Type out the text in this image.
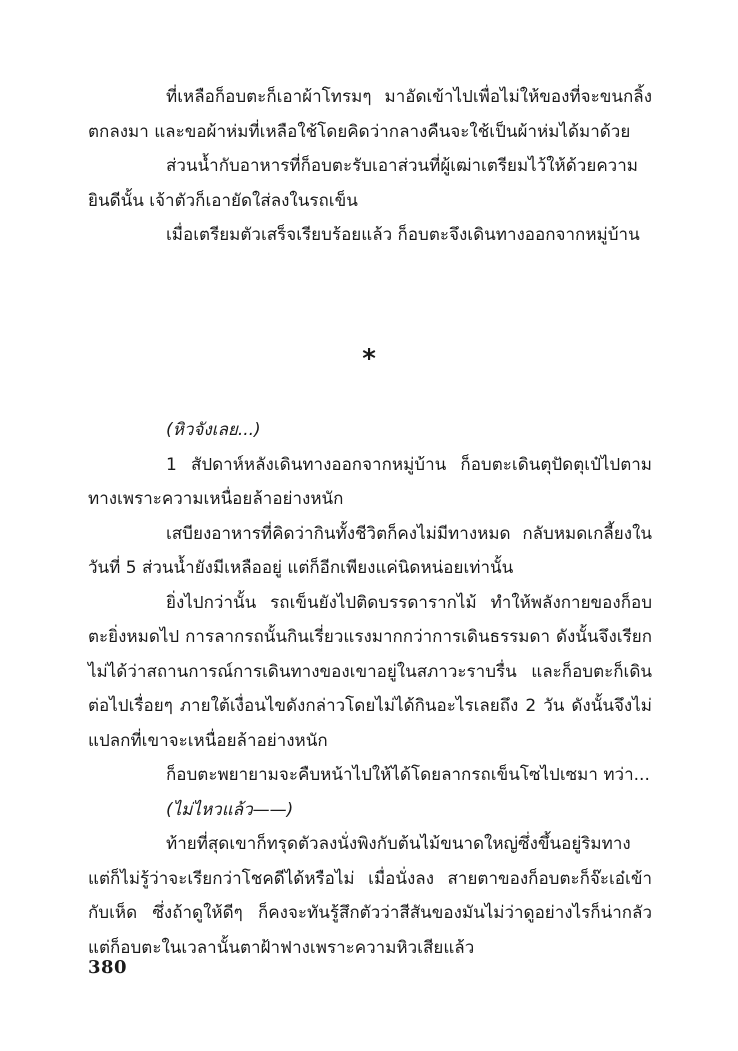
ที่เหลือก็อบตะก็เอาผ้าโทรมๆ มาอัดเข้าไปเพื่อไม่ให้ของที่จะขนกลิ้งตกลงมา และขอผ้าห่มที่เหลือใช้โดยคิดว่ากลางคืนจะใช้เป็นผ้าห่มได้มาด้วย

ส่วนน้ำกับอาหารที่ก็อบตะรับเอาส่วนที่ผู้เฒ่าเตรียมไว้ให้ด้วยความยินดีนั้น เจ้าตัวก็เอายัดใส่ลงในรถเข็น

เมื่อเตรียมตัวเสร็จเรียบร้อยแล้ว ก็อบตะจึงเดินทางออกจากหมู่บ้าน

*

(หิวจังเลย...)

1 สัปดาห์หลังเดินทางออกจากหมู่บ้าน ก็อบตะเดินตุปัดตุเป๋ไปตามทางเพราะความเหนื่อยล้าอย่างหนัก

เสบียงอาหารที่คิดว่ากินทั้งชีวิตก็คงไม่มีทางหมด กลับหมดเกลี้ยงในวันที่ 5 ส่วนน้ำยังมีเหลืออยู่ แต่ก็อีกเพียงแค่นิดหน่อยเท่านั้น

ยิ่งไปกว่านั้น รถเข็นยังไปติดบรรดารากไม้ ทำให้พลังกายของก็อบตะยิ่งหมดไป การลากรถนั้นกินเรี่ยวแรงมากกว่าการเดินธรรมดา ดังนั้นจึงเรียกไม่ได้ว่าสถานการณ์การเดินทางของเขาอยู่ในสภาวะราบรื่น และก็อบตะก็เดินต่อไปเรื่อยๆ ภายใต้เงื่อนไขดังกล่าวโดยไม่ได้กินอะไรเลยถึง 2 วัน ดังนั้นจึงไม่แปลกที่เขาจะเหนื่อยล้าอย่างหนัก

ก็อบตะพยายามจะคืบหน้าไปให้ได้โดยลากรถเข็นโซไปเซมา ทว่า...

(ไม่ไหวแล้ว——)

ท้ายที่สุดเขาก็ทรุดตัวลงนั่งพิงกับต้นไม้ขนาดใหญ่ซึ่งขึ้นอยู่ริมทางแต่ก็ไม่รู้ว่าจะเรียกว่าโชคดีได้หรือไม่ เมื่อนั่งลง สายตาของก็อบตะก็จ๊ะเอ๋เข้ากับเห็ด ซึ่งถ้าดูให้ดีๆ ก็คงจะทันรู้สึกตัวว่าสีสันของมันไม่ว่าดูอย่างไรก็น่ากลัว แต่ก็อบตะในเวลานั้นตาฝ้าฟางเพราะความหิวเสียแล้ว

380
